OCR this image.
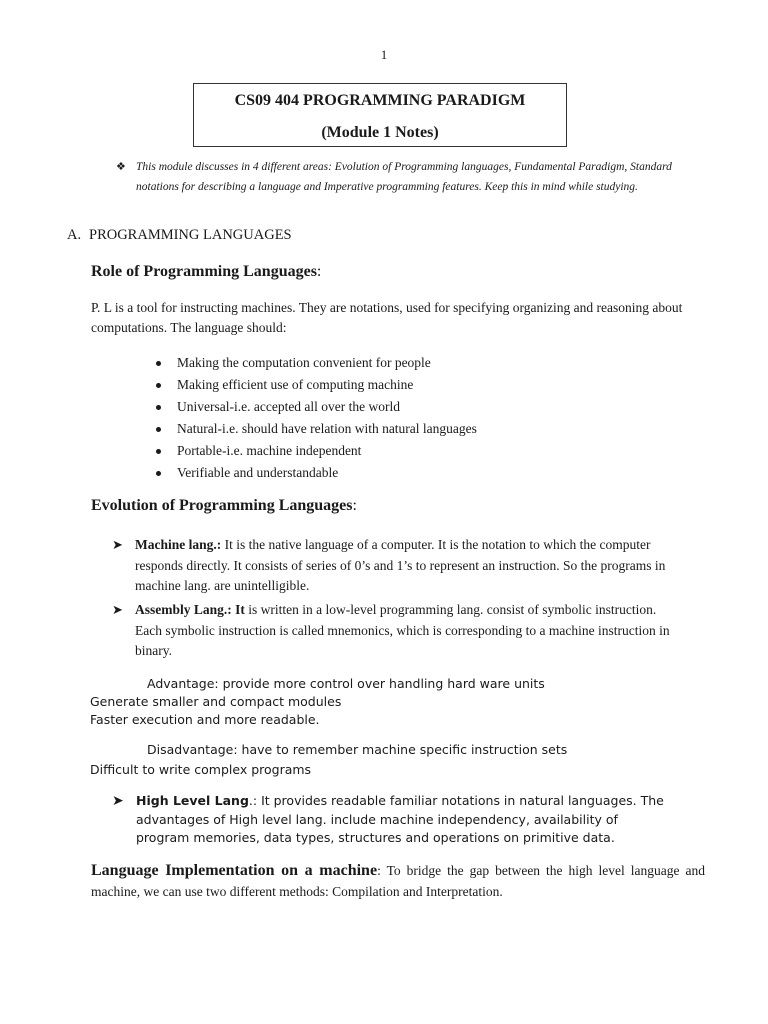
1
CS09 404 PROGRAMMING PARADIGM
(Module 1 Notes)
❖ This module discusses in 4 different areas: Evolution of Programming languages, Fundamental Paradigm, Standard notations for describing a language and Imperative programming features. Keep this in mind while studying.
A. PROGRAMMING LANGUAGES
Role of Programming Languages:
P. L is a tool for instructing machines. They are notations, used for specifying organizing and reasoning about computations. The language should:
Making the computation convenient for people
Making efficient use of computing machine
Universal-i.e. accepted all over the world
Natural-i.e. should have relation with natural languages
Portable-i.e. machine independent
Verifiable and understandable
Evolution of Programming Languages:
➤ Machine lang.: It is the native language of a computer. It is the notation to which the computer responds directly. It consists of series of 0’s and 1’s to represent an instruction. So the programs in machine lang. are unintelligible.
➤ Assembly Lang.: It is written in a low-level programming lang. consist of symbolic instruction. Each symbolic instruction is called mnemonics, which is corresponding to a machine instruction in binary.
Advantage: provide more control over handling hard ware units
Generate smaller and compact modules
Faster execution and more readable.
Disadvantage: have to remember machine specific instruction sets
Difficult to write complex programs
➤ High Level Lang.: It provides readable familiar notations in natural languages. The advantages of High level lang. include machine independency, availability of program memories, data types, structures and operations on primitive data.
Language Implementation on a machine: To bridge the gap between the high level language and machine, we can use two different methods: Compilation and Interpretation.
